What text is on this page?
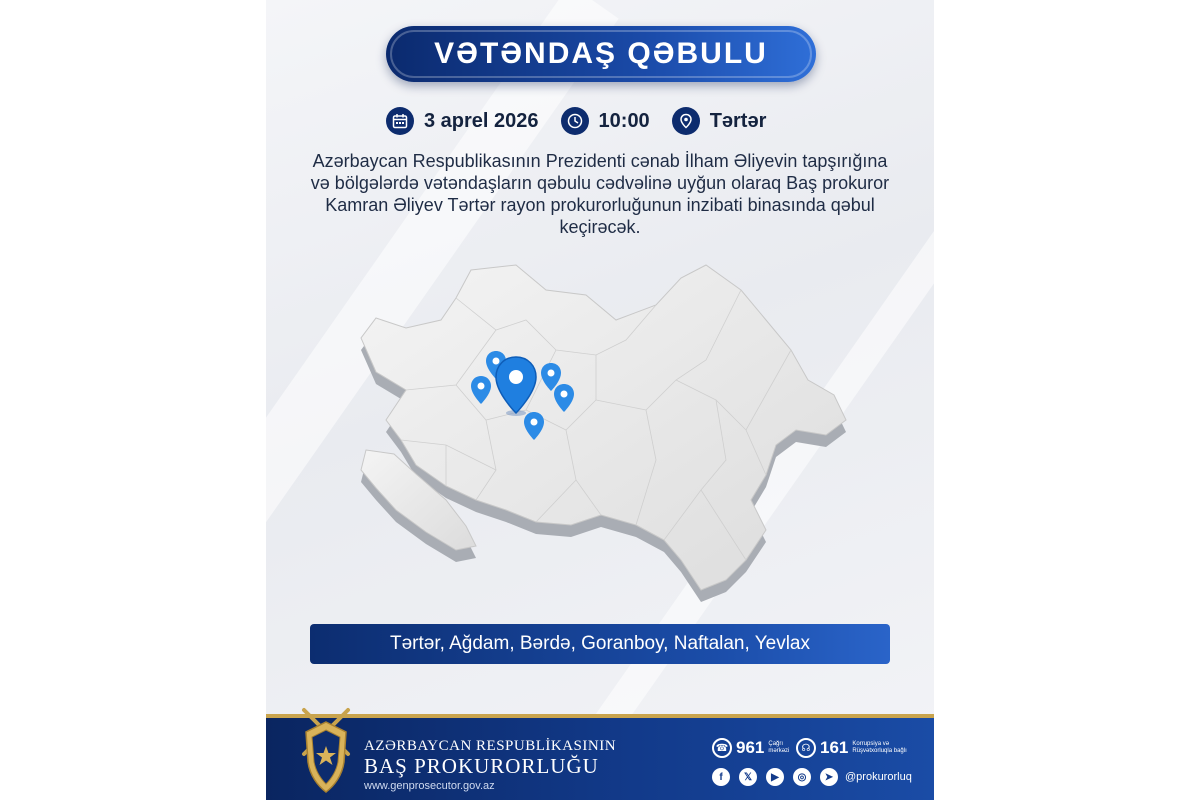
VƏTƏNDAŞ QƏBULU
3 aprel 2026	10:00	Tərtər

Azərbaycan Respublikasının Prezidenti cənab İlham Əliyevin tapşırığına və bölgələrdə vətəndaşların qəbulu cədvəlinə uyğun olaraq Baş prokuror Kamran Əliyev Tərtər rayon prokurorluğunun inzibati binasında qəbul keçirəcək.

Tərtər, Ağdam, Bərdə, Goranboy, Naftalan, Yevlax
AZƏRBAYCAN RESPUBLİKASININ
BAŞ PROKURORLUĞU
www.genprosecutor.gov.az
☎ 961 Çağrı mərkəzi	☊ 161 Korrupsiya və Rüşvətxorluqla bağlı
f	𝕏	▶	◎	➤	@prokurorluq
